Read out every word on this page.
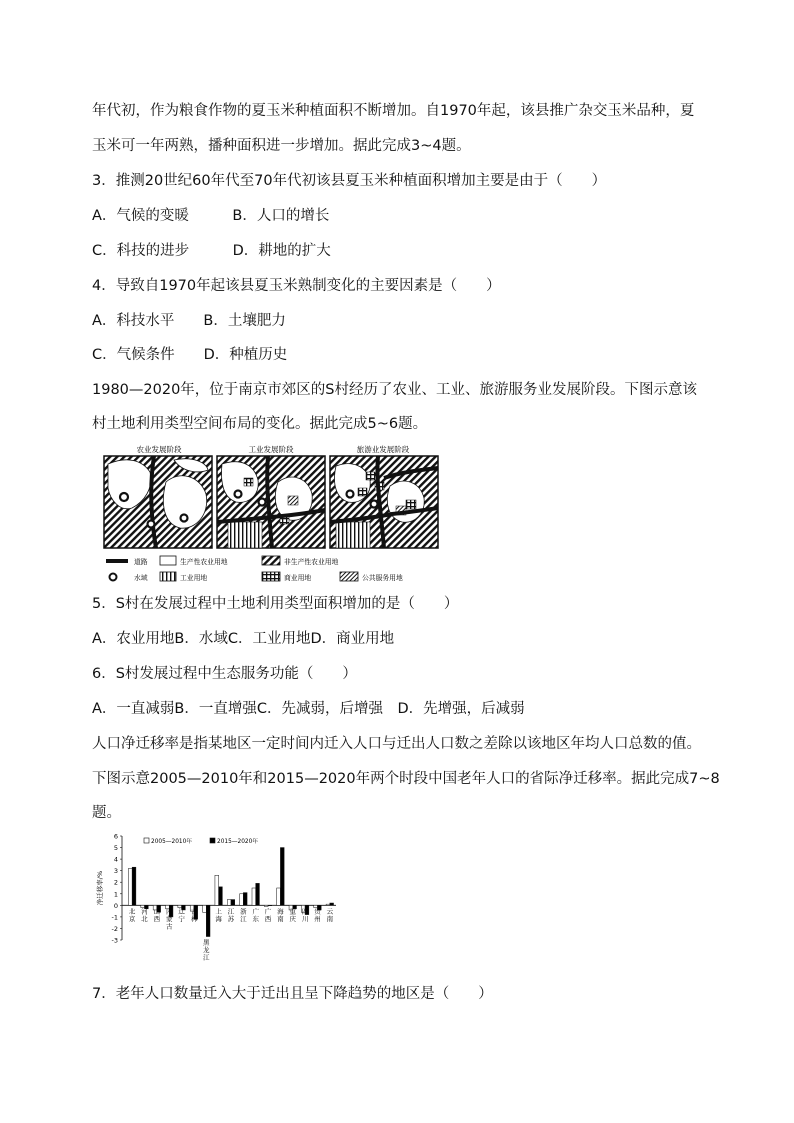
年代初，作为粮食作物的夏玉米种植面积不断增加。自1970年起，该县推广杂交玉米品种，夏
玉米可一年两熟，播种面积进一步增加。据此完成3~4题。
3．推测20世纪60年代至70年代初该县夏玉米种植面积增加主要是由于（　　）
A．气候的变暖　　　B．人口的增长
C．科技的进步　　　D．耕地的扩大
4．导致自1970年起该县夏玉米熟制变化的主要因素是（　　）
A．科技水平　　B．土壤肥力
C．气候条件　　D．种植历史
1980—2020年，位于南京市郊区的S村经历了农业、工业、旅游服务业发展阶段。下图示意该
村土地利用类型空间布局的变化。据此完成5~6题。
农业发展阶段	工业发展阶段	旅游业发展阶段
道路	生产性农业用地	非生产性农业用地
水域	工业用地	商业用地	公共服务用地
5．S村在发展过程中土地利用类型面积增加的是（　　）
A．农业用地B．水域C．工业用地D．商业用地
6．S村发展过程中生态服务功能（　　）
A．一直减弱B．一直增强C．先减弱，后增强　D．先增强，后减弱
人口净迁移率是指某地区一定时间内迁入人口与迁出人口数之差除以该地区年均人口总数的值。
下图示意2005—2010年和2015—2020年两个时段中国老年人口的省际净迁移率。据此完成7~8
题。
-3
-2
-1
0
1
2
3
4
5
6
净迁移率/%
2005—2010年	2015—2020年
北
京
河
北
山
西
内
蒙
古
辽
宁
吉
林
黑
龙
江
上
海
江
苏
浙
江
广
东
广
西
海
南
重
庆
四
川
贵
州
云
南
7．老年人口数量迁入大于迁出且呈下降趋势的地区是（　　）
